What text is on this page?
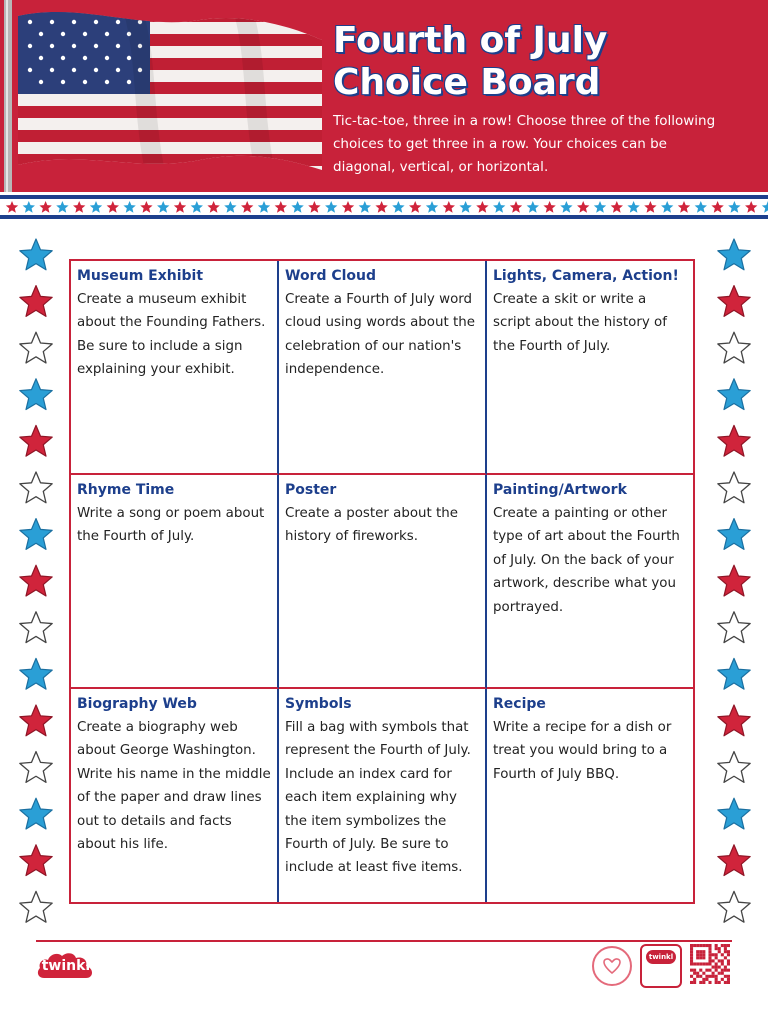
Fourth of July
Choice Board
Tic-tac-toe, three in a row! Choose three of the following choices to get three in a row. Your choices can be diagonal, vertical, or horizontal.
Museum Exhibit
Create a museum exhibit about the Founding Fathers. Be sure to include a sign explaining your exhibit.
Word Cloud
Create a Fourth of July word cloud using words about the celebration of our nation's independence.
Lights, Camera, Action!
Create a skit or write a script about the history of the Fourth of July.
Rhyme Time
Write a song or poem about the Fourth of July.
Poster
Create a poster about the history of fireworks.
Painting/Artwork
Create a painting or other type of art about the Fourth of July. On the back of your artwork, describe what you portrayed.
Biography Web
Create a biography web about George Washington. Write his name in the middle of the paper and draw lines out to details and facts about his life.
Symbols
Fill a bag with symbols that represent the Fourth of July. Include an index card for each item explaining why the item symbolizes the Fourth of July. Be sure to include at least five items.
Recipe
Write a recipe for a dish or treat you would bring to a Fourth of July BBQ.
twinkl
twinkl
